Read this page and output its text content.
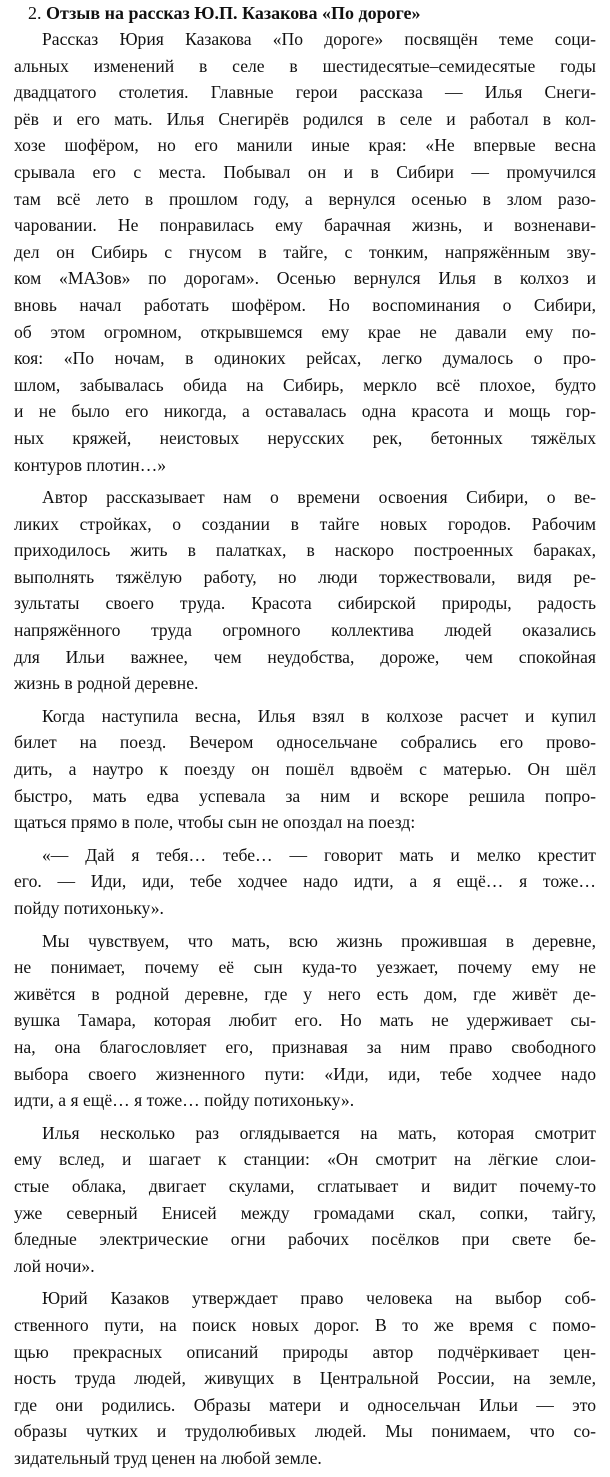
2. Отзыв на рассказ Ю.П. Казакова «По дороге»

Рассказ Юрия Казакова «По дороге» посвящён теме соци-
альных изменений в селе в шестидесятые–семидесятые годы
двадцатого столетия. Главные герои рассказа — Илья Снеги-
рёв и его мать. Илья Снегирёв родился в селе и работал в кол-
хозе шофёром, но его манили иные края: «Не впервые весна
срывала его с места. Побывал он и в Сибири — промучился
там всё лето в прошлом году, а вернулся осенью в злом разо-
чаровании. Не понравилась ему барачная жизнь, и возненави-
дел он Сибирь с гнусом в тайге, с тонким, напряжённым зву-
ком «МАЗов» по дорогам». Осенью вернулся Илья в колхоз и
вновь начал работать шофёром. Но воспоминания о Сибири,
об этом огромном, открывшемся ему крае не давали ему по-
коя: «По ночам, в одиноких рейсах, легко думалось о про-
шлом, забывалась обида на Сибирь, меркло всё плохое, будто
и не было его никогда, а оставалась одна красота и мощь гор-
ных кряжей, неистовых нерусских рек, бетонных тяжёлых
контуров плотин…»

Автор рассказывает нам о времени освоения Сибири, о ве-
ликих стройках, о создании в тайге новых городов. Рабочим
приходилось жить в палатках, в наскоро построенных бараках,
выполнять тяжёлую работу, но люди торжествовали, видя ре-
зультаты своего труда. Красота сибирской природы, радость
напряжённого труда огромного коллектива людей оказались
для Ильи важнее, чем неудобства, дороже, чем спокойная
жизнь в родной деревне.

Когда наступила весна, Илья взял в колхозе расчет и купил
билет на поезд. Вечером односельчане собрались его прово-
дить, а наутро к поезду он пошёл вдвоём с матерью. Он шёл
быстро, мать едва успевала за ним и вскоре решила попро-
щаться прямо в поле, чтобы сын не опоздал на поезд:

«— Дай я тебя… тебе… — говорит мать и мелко крестит
его. — Иди, иди, тебе ходчее надо идти, а я ещё… я тоже…
пойду потихоньку».

Мы чувствуем, что мать, всю жизнь прожившая в деревне,
не понимает, почему её сын куда-то уезжает, почему ему не
живётся в родной деревне, где у него есть дом, где живёт де-
вушка Тамара, которая любит его. Но мать не удерживает сы-
на, она благословляет его, признавая за ним право свободного
выбора своего жизненного пути: «Иди, иди, тебе ходчее надо
идти, а я ещё… я тоже… пойду потихоньку».

Илья несколько раз оглядывается на мать, которая смотрит
ему вслед, и шагает к станции: «Он смотрит на лёгкие слои-
стые облака, двигает скулами, сглатывает и видит почему-то
уже северный Енисей между громадами скал, сопки, тайгу,
бледные электрические огни рабочих посёлков при свете бе-
лой ночи».

Юрий Казаков утверждает право человека на выбор соб-
ственного пути, на поиск новых дорог. В то же время с помо-
щью прекрасных описаний природы автор подчёркивает цен-
ность труда людей, живущих в Центральной России, на земле,
где они родились. Образы матери и односельчан Ильи — это
образы чутких и трудолюбивых людей. Мы понимаем, что со-
зидательный труд ценен на любой земле.
